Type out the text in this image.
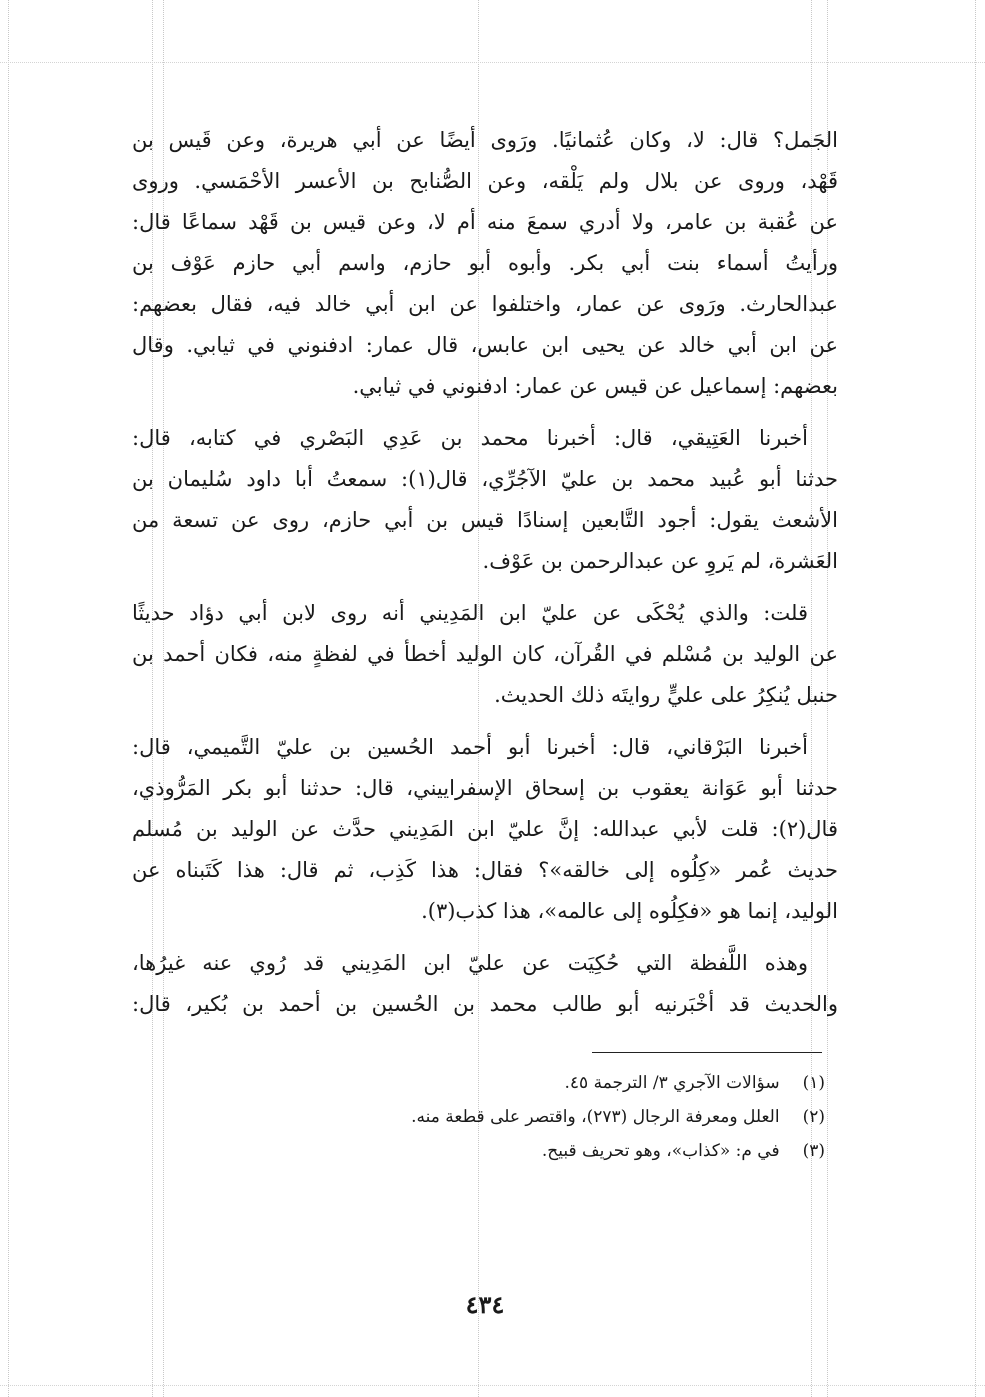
الجَمل؟ قال: لا، وكان عُثمانيًا. ورَوى أيضًا عن أبي هريرة، وعن قَيس بن
قَهْد، وروى عن بلال ولم يَلْقه، وعن الصُّنابح بن الأعسر الأحْمَسي. وروى
عن عُقبة بن عامر، ولا أدري سمعَ منه أم لا، وعن قيس بن قَهْد سماعًا قال:
ورأيتُ أسماء بنت أبي بكر. وأبوه أبو حازم، واسم أبي حازم عَوْف بن
عبدالحارث. ورَوى عن عمار، واختلفوا عن ابن أبي خالد فيه، فقال بعضهم:
عن ابن أبي خالد عن يحيى ابن عابس، قال عمار: ادفنوني في ثيابي. وقال
بعضهم: إسماعيل عن قيس عن عمار: ادفنوني في ثيابي.

أخبرنا العَتِيقي، قال: أخبرنا محمد بن عَدِي البَصْري في كتابه، قال:
حدثنا أبو عُبيد محمد بن عليّ الآجُرِّي، قال(١): سمعتُ أبا داود سُليمان بن
الأشعث يقول: أجود التَّابعين إسنادًا قيس بن أبي حازم، روى عن تسعة من
العَشرة، لم يَروِ عن عبدالرحمن بن عَوْف.

قلت: والذي يُحْكَى عن عليّ ابن المَدِيني أنه روى لابن أبي دؤاد حديثًا
عن الوليد بن مُسْلم في القُرآن، كان الوليد أخطأ في لفظةٍ منه، فكان أحمد بن
حنبل يُنكِرُ على عليٍّ روايتَه ذلك الحديث.

أخبرنا البَرْقاني، قال: أخبرنا أبو أحمد الحُسين بن عليّ التَّميمي، قال:
حدثنا أبو عَوَانة يعقوب بن إسحاق الإسفراييني، قال: حدثنا أبو بكر المَرُّوذي،
قال(٢): قلت لأبي عبدالله: إنَّ عليّ ابن المَدِيني حدَّث عن الوليد بن مُسلم
حديث عُمر «كِلُوه إلى خالقه»؟ فقال: هذا كَذِب، ثم قال: هذا كَتَبناه عن
الوليد، إنما هو «فكِلُوه إلى عالمه»، هذا كذب(٣).

وهذه اللَّفظة التي حُكِيَت عن عليّ ابن المَدِيني قد رُوي عنه غيرُها،
والحديث قد أخْبَرنيه أبو طالب محمد بن الحُسين بن أحمد بن بُكير، قال:

(١) سؤالات الآجري ٣/ الترجمة ٤٥.
(٢) العلل ومعرفة الرجال (٢٧٣)، واقتصر على قطعة منه.
(٣) في م: «كذاب»، وهو تحريف قبيح.
٤٣٤
